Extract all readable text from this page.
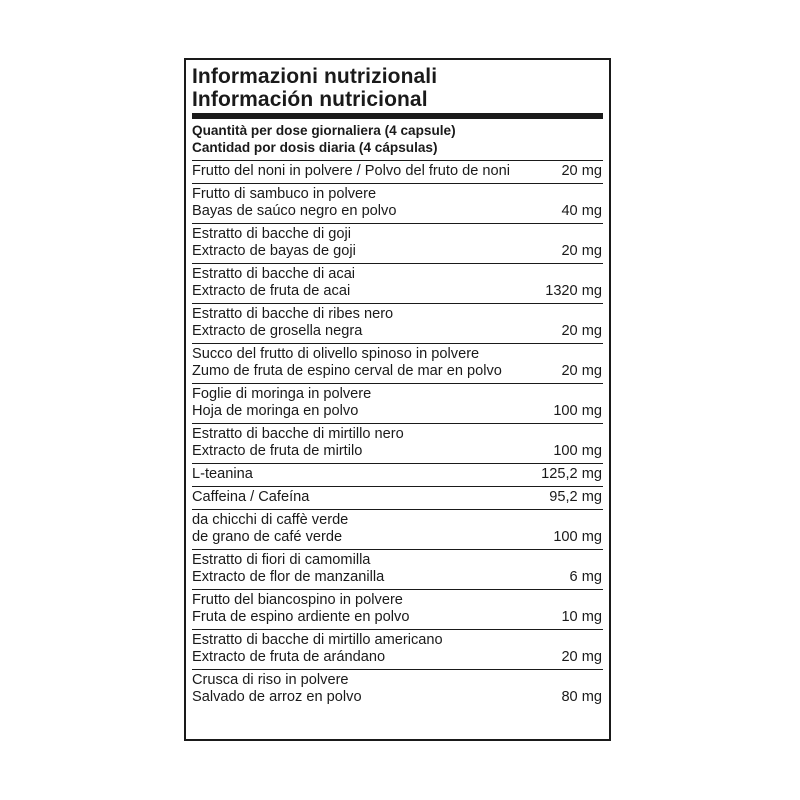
Informazioni nutrizionali
Información nutricional
Quantità per dose giornaliera (4 capsule)
Cantidad por dosis diaria (4 cápsulas)
Frutto del noni in polvere / Polvo del fruto de noni	20 mg
Frutto di sambuco in polvere
Bayas de saúco negro en polvo	40 mg
Estratto di bacche di goji
Extracto de bayas de goji	20 mg
Estratto di bacche di acai
Extracto de fruta de acai	1320 mg
Estratto di bacche di ribes nero
Extracto de grosella negra	20 mg
Succo del frutto di olivello spinoso in polvere
Zumo de fruta de espino cerval de mar en polvo	20 mg
Foglie di moringa in polvere
Hoja de moringa en polvo	100 mg
Estratto di bacche di mirtillo nero
Extracto de fruta de mirtilo	100 mg
L-teanina	125,2 mg
Caffeina / Cafeína	95,2 mg
da chicchi di caffè verde
de grano de café verde	100 mg
Estratto di fiori di camomilla
Extracto de flor de manzanilla	6 mg
Frutto del biancospino in polvere
Fruta de espino ardiente en polvo	10 mg
Estratto di bacche di mirtillo americano
Extracto de fruta de arándano	20 mg
Crusca di riso in polvere
Salvado de arroz en polvo	80 mg
